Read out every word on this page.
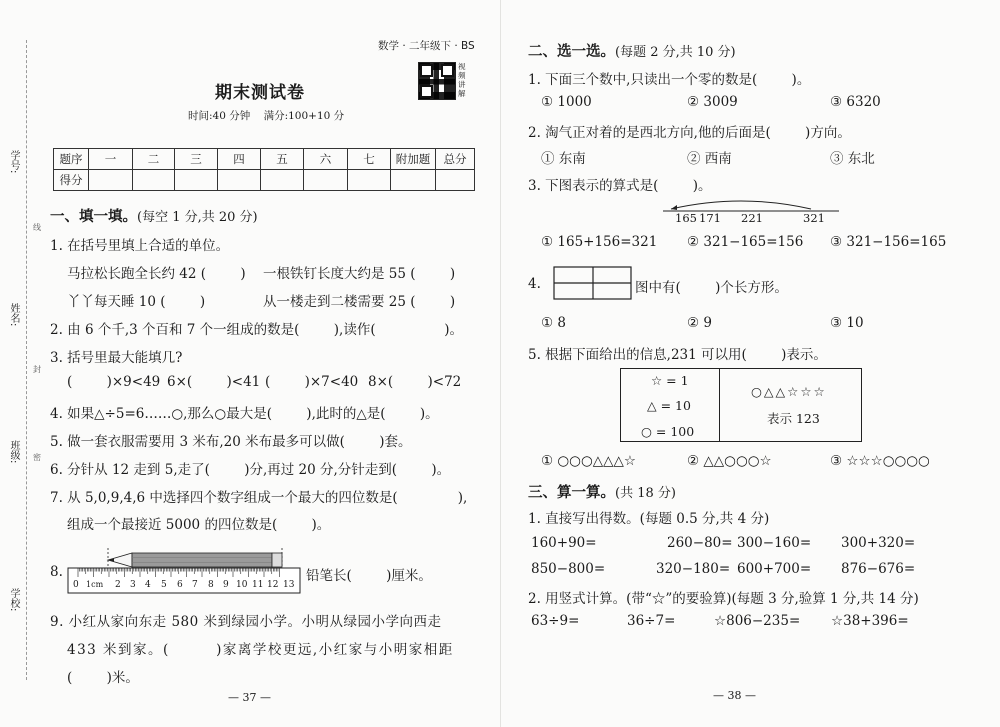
学号:
姓名:
班级:
学校:
线
封
密
数学 · 二年级下 · BS
期末测试卷
时间:40 分钟    满分:100+10 分
视频讲解
题序	一	二	三	四	五	六	七	附加题	总分
得分									
一、填一填。(每空 1 分,共 20 分)
1. 在括号里填上合适的单位。
马拉松长跑全长约 42 (        ) 一根铁钉长度大约是 55 (        )
丫丫每天睡 10 (        )	从一楼走到二楼需要 25 (        )
2. 由 6 个千,3 个百和 7 个一组成的数是(        ),读作(                )。
3. 括号里最大能填几?
(        )×9<49 6×(        )<41 (        )×7<40 8×(        )<72
4. 如果△÷5=6……○,那么○最大是(        ),此时的△是(        )。
5. 做一套衣服需要用 3 米布,20 米布最多可以做(        )套。
6. 分针从 12 走到 5,走了(        )分,再过 20 分,分针走到(        )。
7. 从 5,0,9,4,6 中选择四个数字组成一个最大的四位数是(              ),
组成一个最接近 5000 的四位数是(        )。
8.
0 1cm 2 3 4 5 6 7 8 9 10 11 12 13
铅笔长(        )厘米。
9. 小红从家向东走 580 米到绿园小学。小明从绿园小学向西走
433 米到家。(        )家离学校更远,小红家与小明家相距
(        )米。
— 37 —
二、选一选。(每题 2 分,共 10 分)
1. 下面三个数中,只读出一个零的数是(        )。
① 1000	② 3009	③ 6320
2. 淘气正对着的是西北方向,他的后面是(        )方向。
① 东南	② 西南	③ 东北
3. 下图表示的算式是(        )。
165 171 221	321
① 165+156=321 ② 321−165=156 ③ 321−156=165
4.	图中有(        )个长方形。
① 8	② 9	③ 10
5. 根据下面给出的信息,231 可以用(        )表示。
☆ = 1
△ = 10
○ = 100
○△△☆☆☆
表示 123
① ○○○△△△☆	② △△○○○☆	③ ☆☆☆○○○○
三、算一算。(共 18 分)
1. 直接写出得数。(每题 0.5 分,共 4 分)
160+90=	260−80= 300−160= 300+320=
850−800=	320−180= 600+700= 876−676=
2. 用竖式计算。(带“☆”的要验算)(每题 3 分,验算 1 分,共 14 分)
63÷9=	36÷7=	☆806−235= ☆38+396=
— 38 —
